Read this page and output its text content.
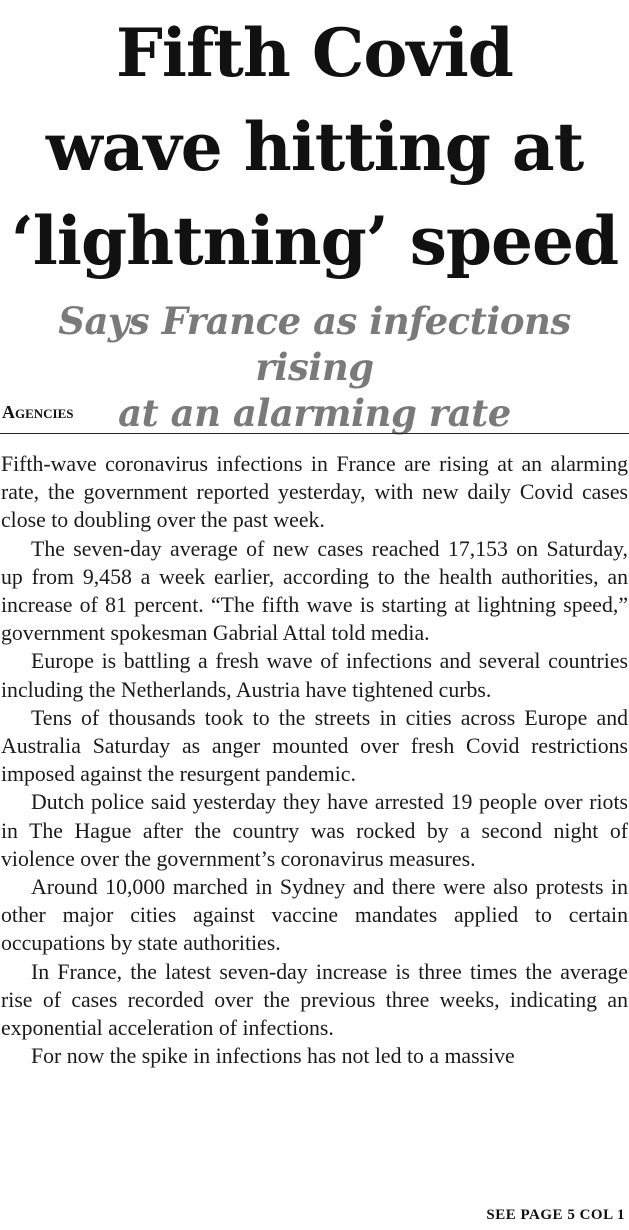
Fifth Covid
wave hitting at
‘lightning’ speed
Says France as infections rising
at an alarming rate
Agencies

Fifth-wave coronavirus infections in France are rising at an alarming rate, the government reported yesterday, with new daily Covid cases close to doubling over the past week.

The seven-day average of new cases reached 17,153 on Saturday, up from 9,458 a week earlier, according to the health authorities, an increase of 81 percent. “The fifth wave is starting at lightning speed,” government spokesman Gabrial Attal told media.

Europe is battling a fresh wave of infections and several countries including the Netherlands, Austria have tightened curbs.

Tens of thousands took to the streets in cities across Europe and Australia Saturday as anger mounted over fresh Covid restrictions imposed against the resurgent pandemic.

Dutch police said yesterday they have arrested 19 people over riots in The Hague after the country was rocked by a second night of violence over the government’s coronavirus measures.

Around 10,000 marched in Sydney and there were also protests in other major cities against vaccine mandates applied to certain occupations by state authorities.

In France, the latest seven-day increase is three times the average rise of cases recorded over the previous three weeks, indicating an exponential acceleration of infections.

For now the spike in infections has not led to a massive

SEE PAGE 5 COL 1
